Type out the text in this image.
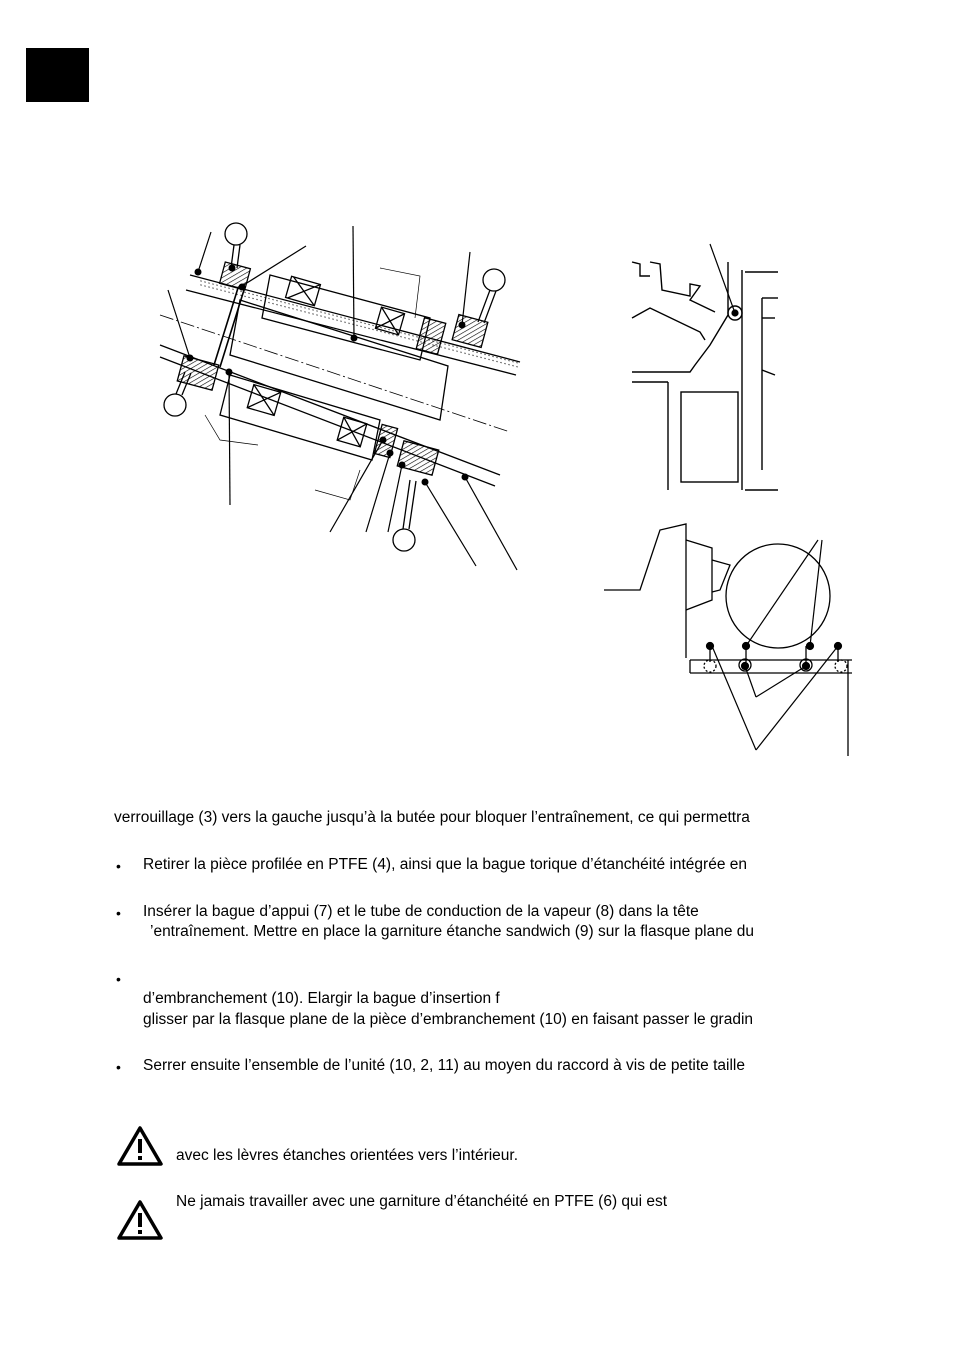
verrouillage (3) vers la gauche jusqu’à la butée pour bloquer l’entraînement, ce qui permettra
• Retirer la pièce profilée en PTFE (4), ainsi que la bague torique d’étanchéité intégrée en
• Insérer la bague d’appui (7) et le tube de conduction de la vapeur (8) dans la tête
’entraînement. Mettre en place la garniture étanche sandwich (9) sur la flasque plane du
•
d’embranchement (10). Elargir la bague d’insertion f
glisser par la flasque plane de la pièce d’embranchement (10) en faisant passer le gradin
• Serrer ensuite l’ensemble de l’unité (10, 2, 11) au moyen du raccord à vis de petite taille
avec les lèvres étanches orientées vers l’intérieur.
Ne jamais travailler avec une garniture d’étanchéité en PTFE (6) qui est
